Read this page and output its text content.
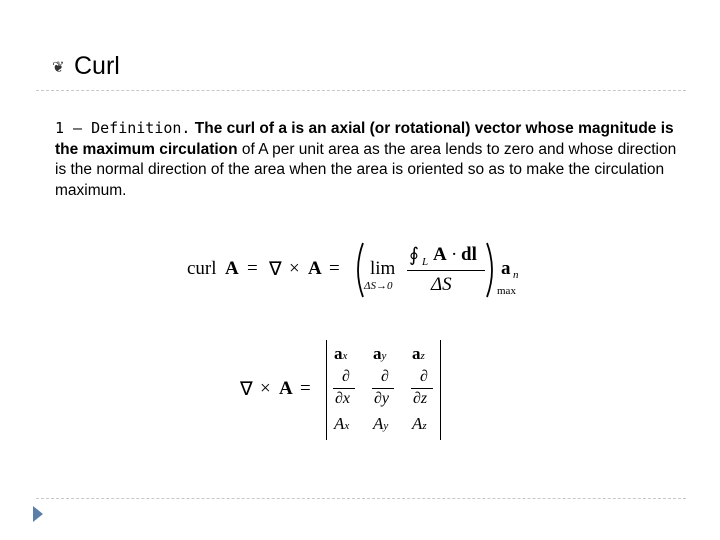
❦ Curl
1 – Definition. The curl of a is an axial (or rotational) vector whose magnitude is the maximum circulation of A per unit area as the area lends to zero and whose direction is the normal direction of the area when the area is oriented so as to make the circulation maximum.
curl A = ∇ × A = lim
ΔS→0
∮ L A · dl
ΔS
a n
max
∇ × A =
ax ay az
∂
∂x
∂
∂y
∂
∂z
Ax Ay Az
